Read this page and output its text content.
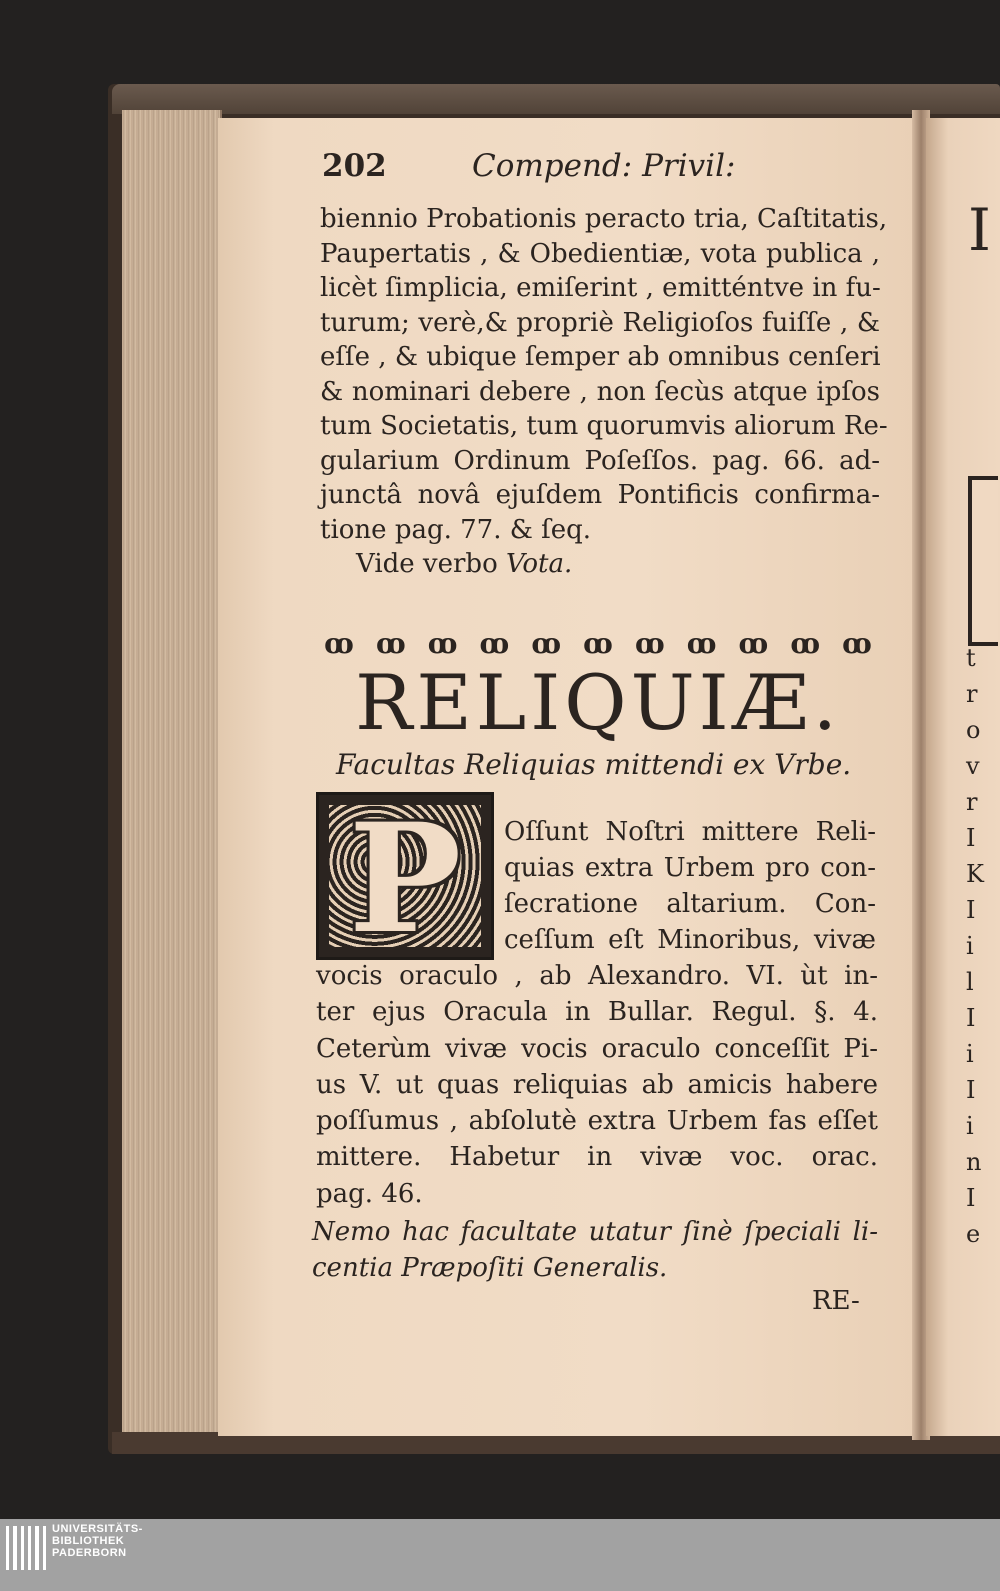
202	Compend: Privil:
biennio Probationis peracto tria, Caſtitatis,
Paupertatis , & Obedientiæ, vota publica ,
licèt ſimplicia, emiſerint , emitténtve in fu-
turum; verè,& propriè Religioſos fuiſſe , &
eſſe , & ubique ſemper ab omnibus cenſeri
& nominari debere , non ſecùs atque ipſos
tum Societatis, tum quorumvis aliorum Re-
gularium Ordinum Poſeſſos. pag. 66. ad-
junctâ novâ ejuſdem Pontificis confirma-
tione pag. 77. & ſeq.
Vide verbo Vota.
ꝏ ꝏ ꝏ ꝏ ꝏ ꝏ ꝏ ꝏ ꝏ ꝏ ꝏ
RELIQUIÆ.
Facultas Reliquias mittendi ex Vrbe.
P	Oſſunt Noſtri mittere Reli-
quias extra Urbem pro con-
ſecratione altarium. Con-
ceſſum eſt Minoribus, vivæ
vocis oraculo , ab Alexandro. VI. ùt in-
ter ejus Oracula in Bullar. Regul. §. 4.
Ceterùm vivæ vocis oraculo conceſſit Pi-
us V. ut quas reliquias ab amicis habere
poſſumus , abſolutè extra Urbem fas eſſet
mittere. Habetur in vivæ voc. orac.
pag. 46.
Nemo hac facultate utatur ſinè ſpeciali li-
centia Præpoſiti Generalis.
RE-
I
t
r
o
v
r
I
K
I
i
l
I
i
I
i
n
I
e
UNIVERSITÄTS-
BIBLIOTHEK
PADERBORN
